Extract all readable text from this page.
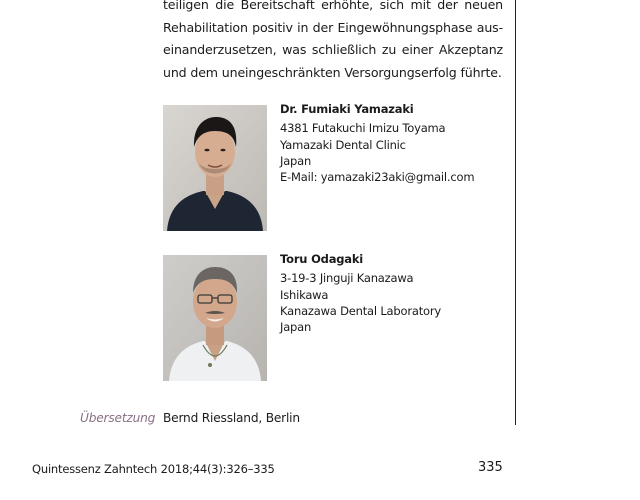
teiligen die Bereitschaft erhöhte, sich mit der neuen
Rehabilitation positiv in der Eingewöhnungsphase aus-
einanderzusetzen, was schließlich zu einer Akzeptanz
und dem uneingeschränkten Versorgungserfolg führte.
Dr. Fumiaki Yamazaki
4381 Futakuchi Imizu Toyama
Yamazaki Dental Clinic
Japan
E-Mail: yamazaki23aki@gmail.com
Toru Odagaki
3-19-3 Jinguji Kanazawa
Ishikawa
Kanazawa Dental Laboratory
Japan
Übersetzung Bernd Riessland, Berlin
Quintessenz Zahntech 2018;44(3):326–335	335
